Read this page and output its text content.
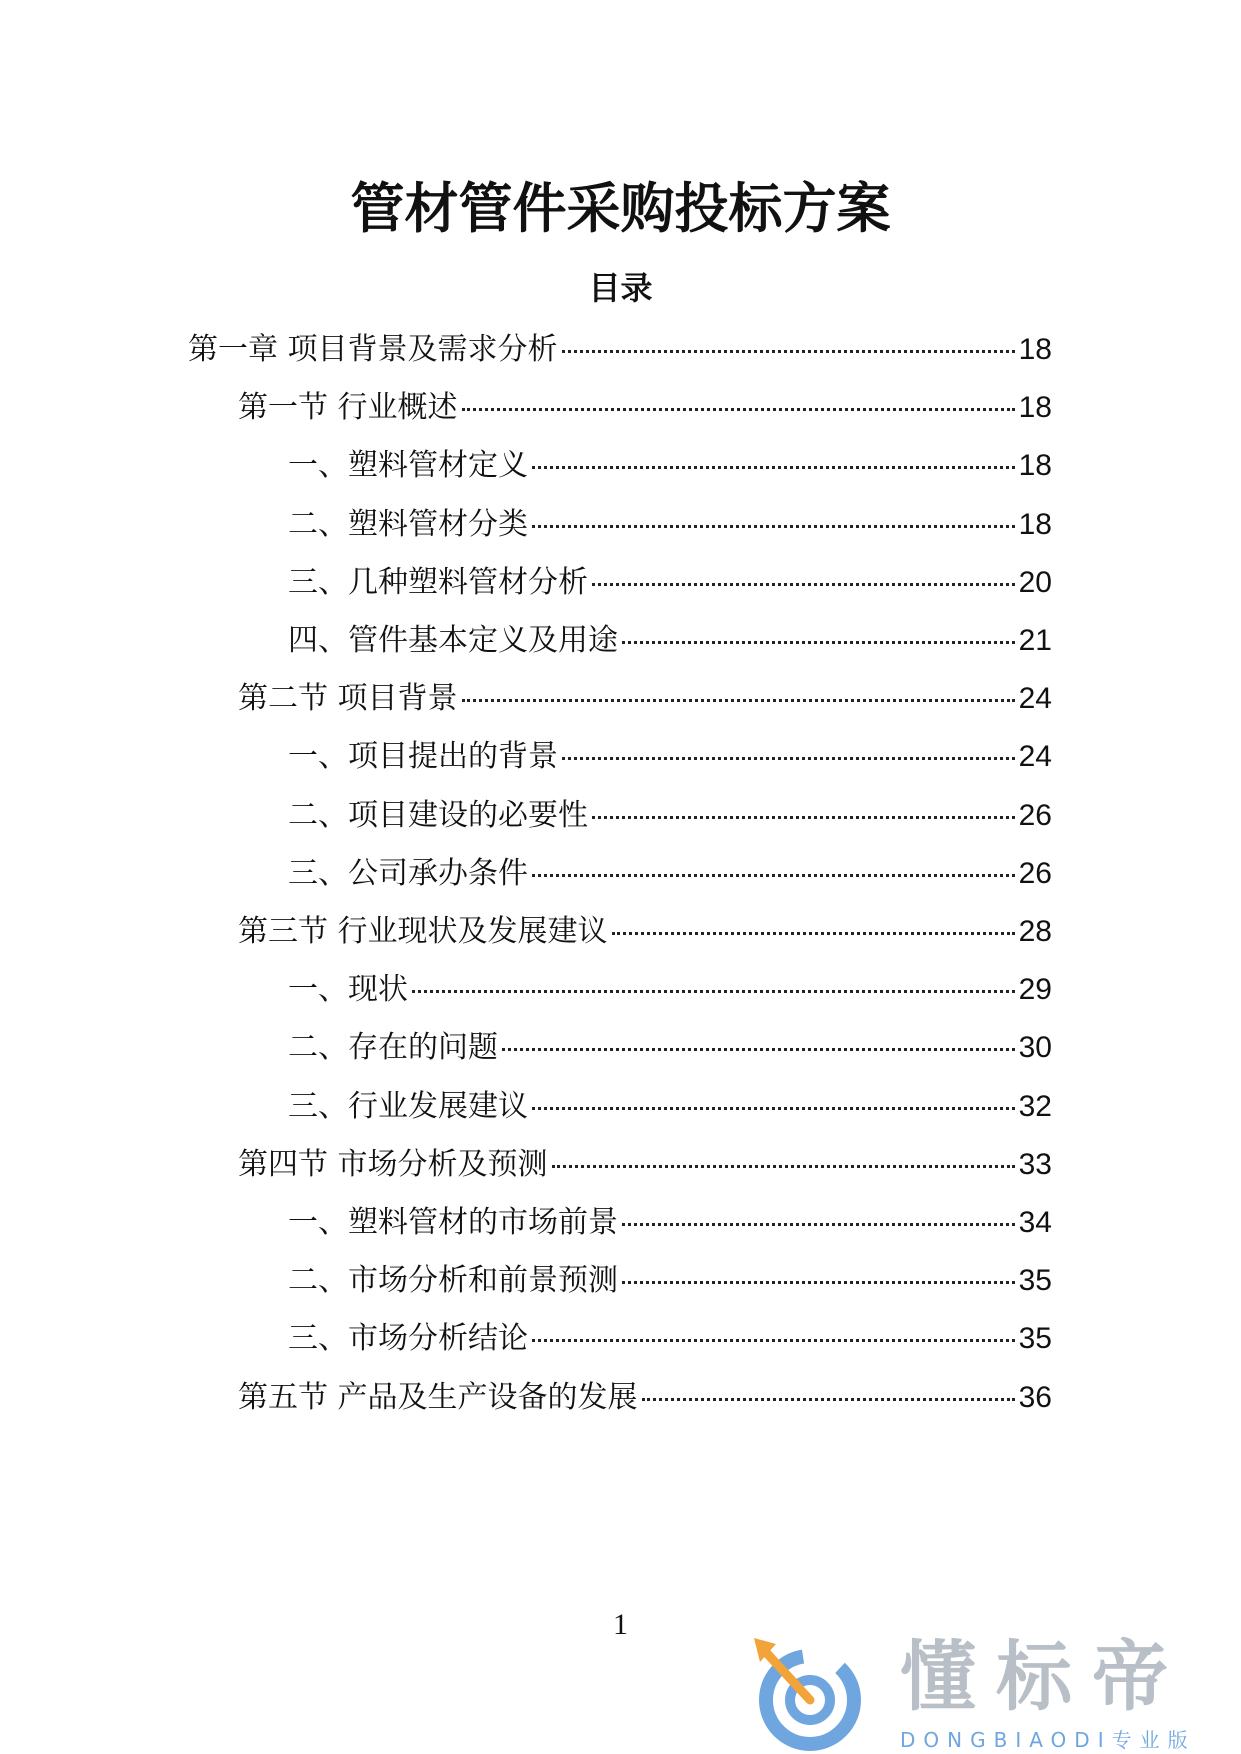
管材管件采购投标方案
目录
第一章 项目背景及需求分析	18
第一节 行业概述	18
一、塑料管材定义	18
二、塑料管材分类	18
三、几种塑料管材分析	20
四、管件基本定义及用途	21
第二节 项目背景	24
一、项目提出的背景	24
二、项目建设的必要性	26
三、公司承办条件	26
第三节 行业现状及发展建议	28
一、现状	29
二、存在的问题	30
三、行业发展建议	32
第四节 市场分析及预测	33
一、塑料管材的市场前景	34
二、市场分析和前景预测	35
三、市场分析结论	35
第五节 产品及生产设备的发展	36
1
懂标帝
DONGBIAODI专业版
